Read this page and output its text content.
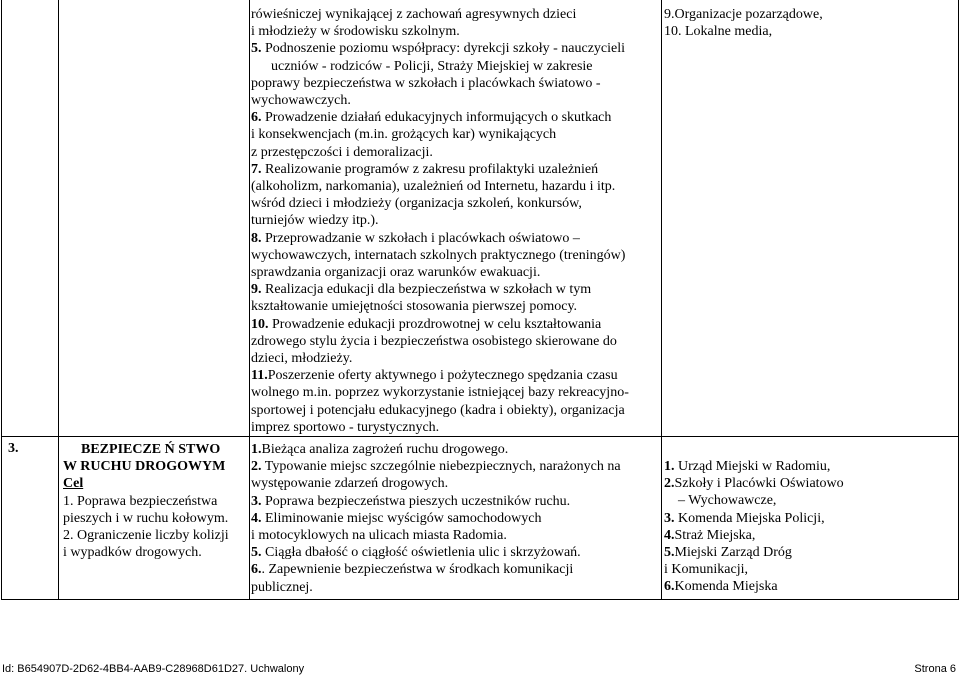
rówieśniczej wynikającej z zachowań agresywnych dzieci

i młodzieży w środowisku szkolnym.

5. Podnoszenie poziomu współpracy: dyrekcji szkoły - nauczycieli

uczniów - rodziców - Policji, Straży Miejskiej w zakresie

poprawy bezpieczeństwa w szkołach i placówkach światowo -

wychowawczych.

6. Prowadzenie działań edukacyjnych informujących o skutkach

i konsekwencjach (m.in. grożących kar) wynikających

z przestępczości i demoralizacji.

7. Realizowanie programów z zakresu profilaktyki uzależnień

(alkoholizm, narkomania), uzależnień od Internetu, hazardu i itp.

wśród dzieci i młodzieży (organizacja szkoleń, konkursów,

turniejów wiedzy itp.).

8. Przeprowadzanie w szkołach i placówkach oświatowo –

wychowawczych, internatach szkolnych praktycznego (treningów)

sprawdzania organizacji oraz warunków ewakuacji.

9. Realizacja edukacji dla bezpieczeństwa w szkołach w tym

kształtowanie umiejętności stosowania pierwszej pomocy.

10. Prowadzenie edukacji prozdrowotnej w celu kształtowania

zdrowego stylu życia i bezpieczeństwa osobistego skierowane do

dzieci, młodzieży.

11.Poszerzenie oferty aktywnego i pożytecznego spędzania czasu

wolnego m.in. poprzez wykorzystanie istniejącej bazy rekreacyjno-

sportowej i potencjału edukacyjnego (kadra i obiekty), organizacja

imprez sportowo - turystycznych.

9.Organizacje pozarządowe,

10. Lokalne media,

3.	BEZPIECZE Ń STWO

W RUCHU DROGOWYM

Cel

1. Poprawa bezpieczeństwa

pieszych i w ruchu kołowym.

2. Ograniczenie liczby kolizji

i wypadków drogowych.

1.Bieżąca analiza zagrożeń ruchu drogowego.

2. Typowanie miejsc szczególnie niebezpiecznych, narażonych na

występowanie zdarzeń drogowych.

3. Poprawa bezpieczeństwa pieszych uczestników ruchu.

4. Eliminowanie miejsc wyścigów samochodowych

i motocyklowych na ulicach miasta Radomia.

5. Ciągła dbałość o ciągłość oświetlenia ulic i skrzyżowań.

6.. Zapewnienie bezpieczeństwa w środkach komunikacji

publicznej.

1. Urząd Miejski w Radomiu,

2.Szkoły i Placówki Oświatowo

– Wychowawcze,

3. Komenda Miejska Policji,

4.Straż Miejska,

5.Miejski Zarząd Dróg

i Komunikacji,

6.Komenda Miejska

Id: B654907D-2D62-4BB4-AAB9-C28968D61D27. Uchwalony	Strona 6
